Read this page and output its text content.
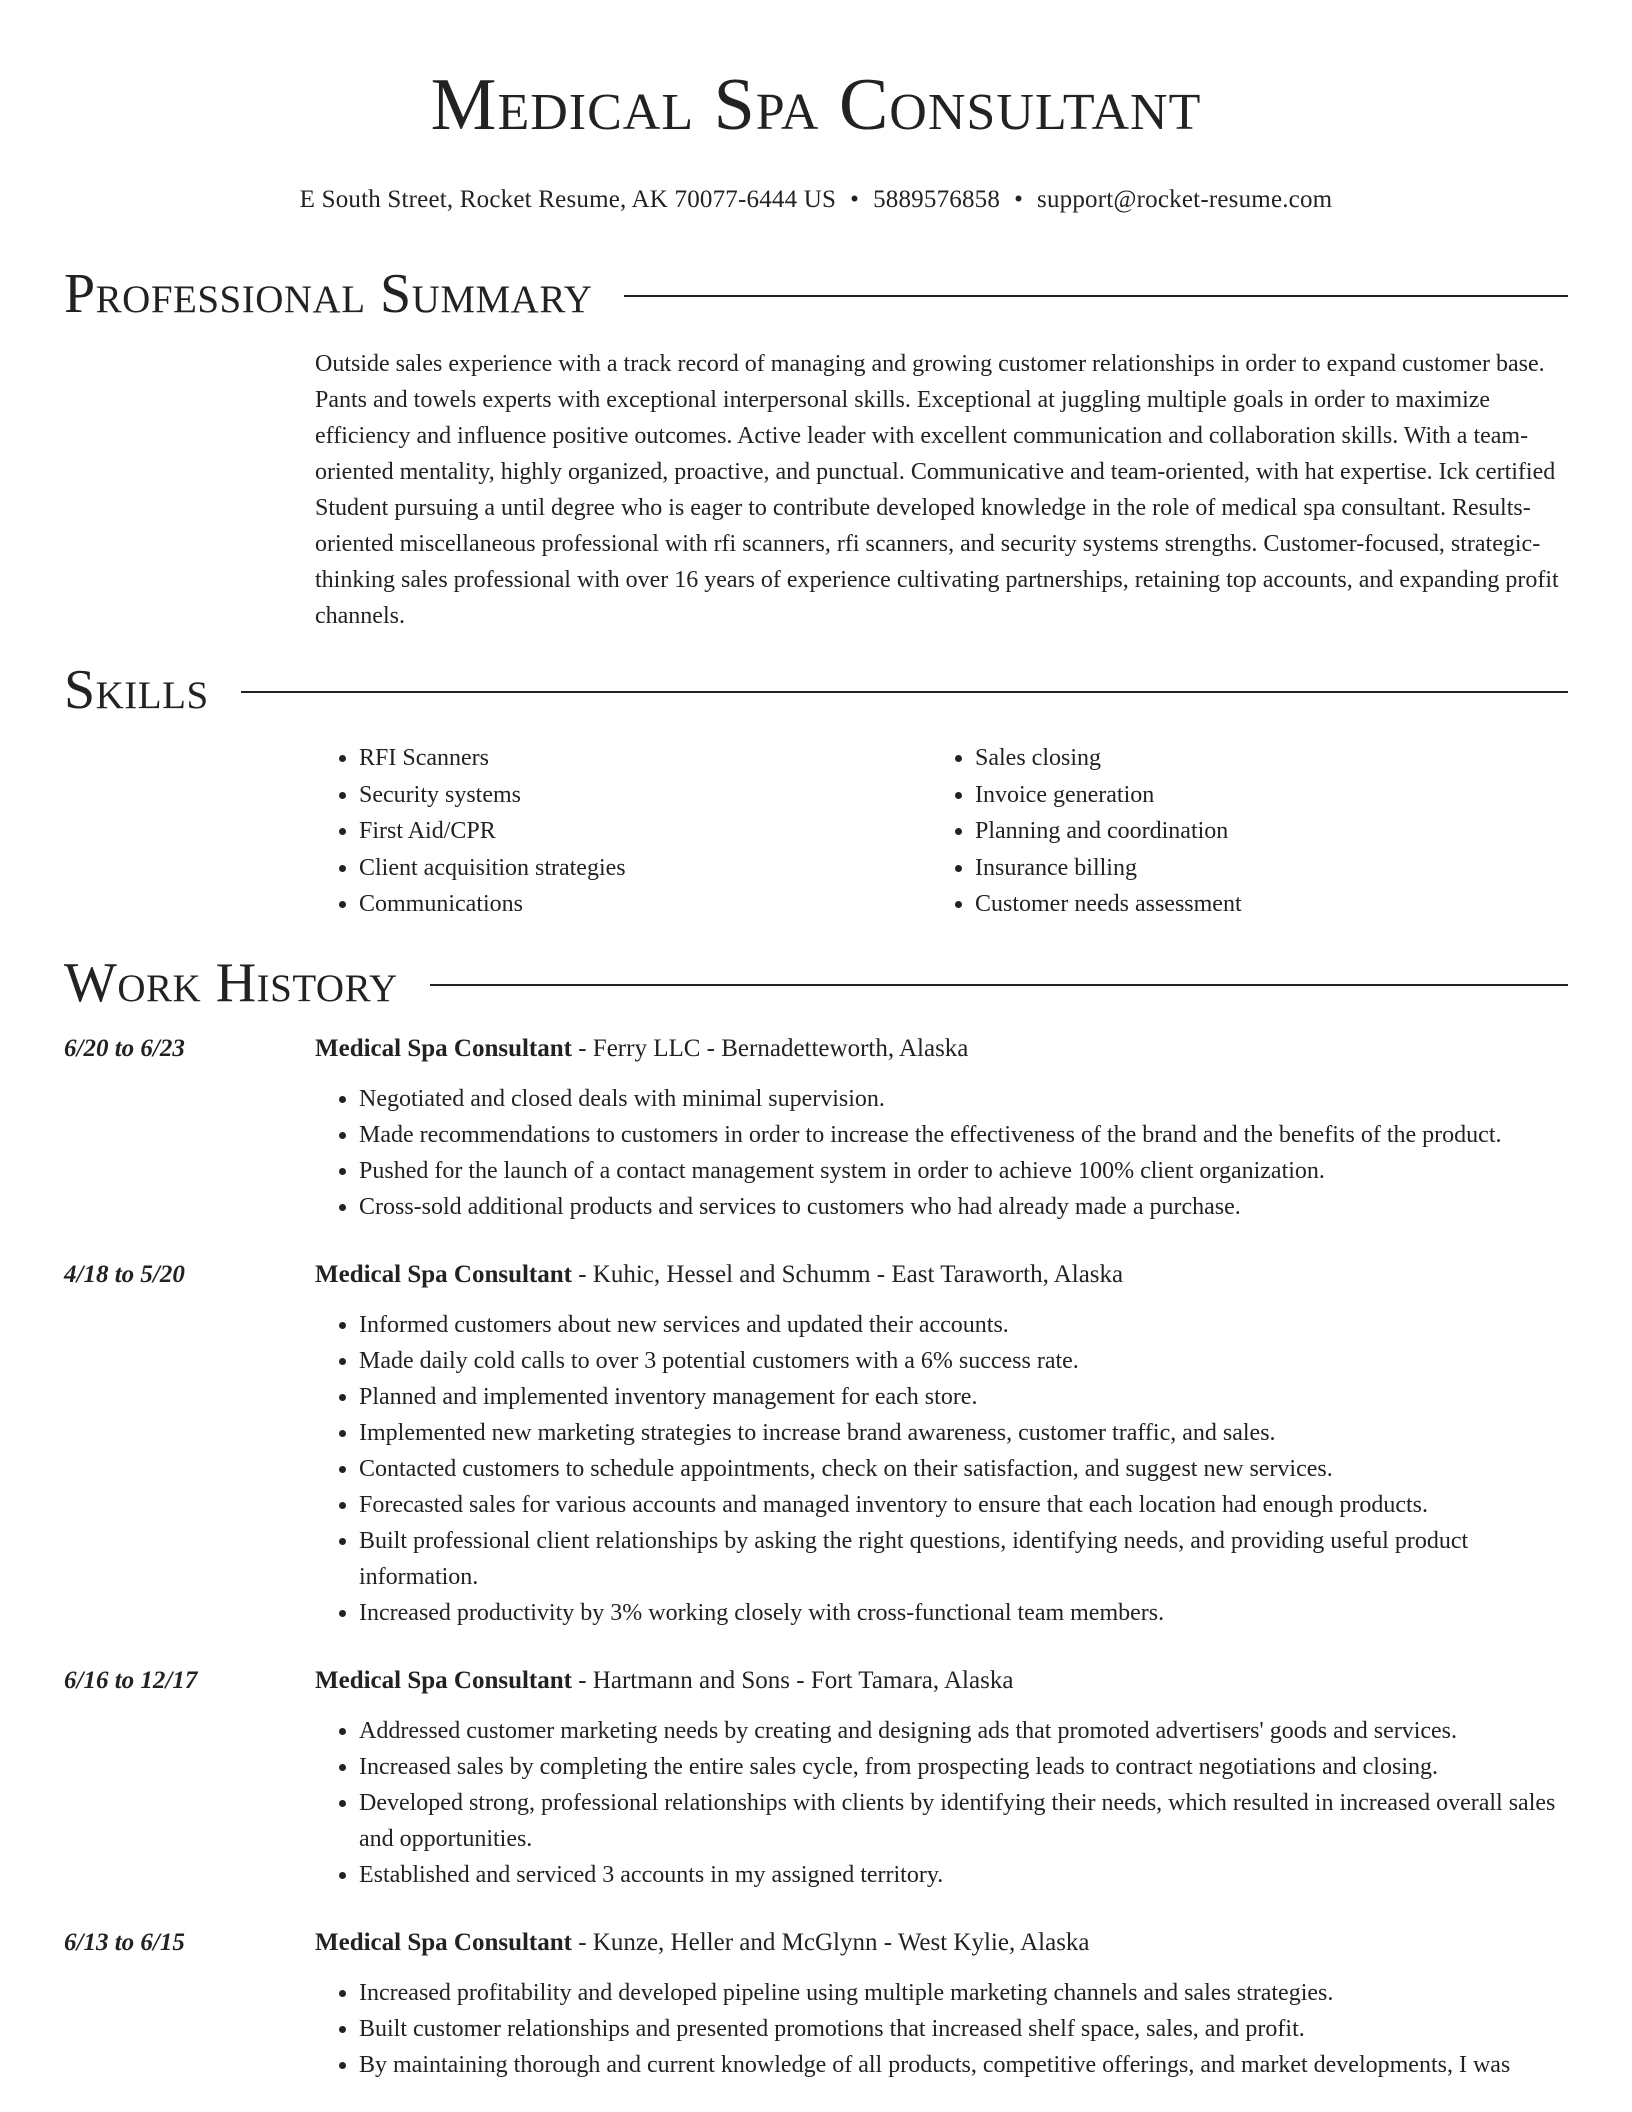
Medical Spa Consultant
E South Street, Rocket Resume, AK 70077-6444 US • 5889576858 • support@rocket-resume.com
Professional Summary

Outside sales experience with a track record of managing and growing customer relationships in order to expand customer base. Pants and towels experts with exceptional interpersonal skills. Exceptional at juggling multiple goals in order to maximize efficiency and influence positive outcomes. Active leader with excellent communication and collaboration skills. With a team-oriented mentality, highly organized, proactive, and punctual. Communicative and team-oriented, with hat expertise. Ick certified Student pursuing a until degree who is eager to contribute developed knowledge in the role of medical spa consultant. Results-oriented miscellaneous professional with rfi scanners, rfi scanners, and security systems strengths. Customer-focused, strategic-thinking sales professional with over 16 years of experience cultivating partnerships, retaining top accounts, and expanding profit channels.

Skills
• RFI Scanners
• Security systems
• First Aid/CPR
• Client acquisition strategies
• Communications
• Sales closing
• Invoice generation
• Planning and coordination
• Insurance billing
• Customer needs assessment
Work History
6/20 to 6/23	Medical Spa Consultant - Ferry LLC - Bernadetteworth, Alaska
• Negotiated and closed deals with minimal supervision.
• Made recommendations to customers in order to increase the effectiveness of the brand and the benefits of the product.
• Pushed for the launch of a contact management system in order to achieve 100% client organization.
• Cross-sold additional products and services to customers who had already made a purchase.
4/18 to 5/20	Medical Spa Consultant - Kuhic, Hessel and Schumm - East Taraworth, Alaska
• Informed customers about new services and updated their accounts.
• Made daily cold calls to over 3 potential customers with a 6% success rate.
• Planned and implemented inventory management for each store.
• Implemented new marketing strategies to increase brand awareness, customer traffic, and sales.
• Contacted customers to schedule appointments, check on their satisfaction, and suggest new services.
• Forecasted sales for various accounts and managed inventory to ensure that each location had enough products.
• Built professional client relationships by asking the right questions, identifying needs, and providing useful product information.
• Increased productivity by 3% working closely with cross-functional team members.
6/16 to 12/17	Medical Spa Consultant - Hartmann and Sons - Fort Tamara, Alaska
• Addressed customer marketing needs by creating and designing ads that promoted advertisers' goods and services.
• Increased sales by completing the entire sales cycle, from prospecting leads to contract negotiations and closing.
• Developed strong, professional relationships with clients by identifying their needs, which resulted in increased overall sales and opportunities.
• Established and serviced 3 accounts in my assigned territory.
6/13 to 6/15	Medical Spa Consultant - Kunze, Heller and McGlynn - West Kylie, Alaska
• Increased profitability and developed pipeline using multiple marketing channels and sales strategies.
• Built customer relationships and presented promotions that increased shelf space, sales, and profit.
• By maintaining thorough and current knowledge of all products, competitive offerings, and market developments, I was
